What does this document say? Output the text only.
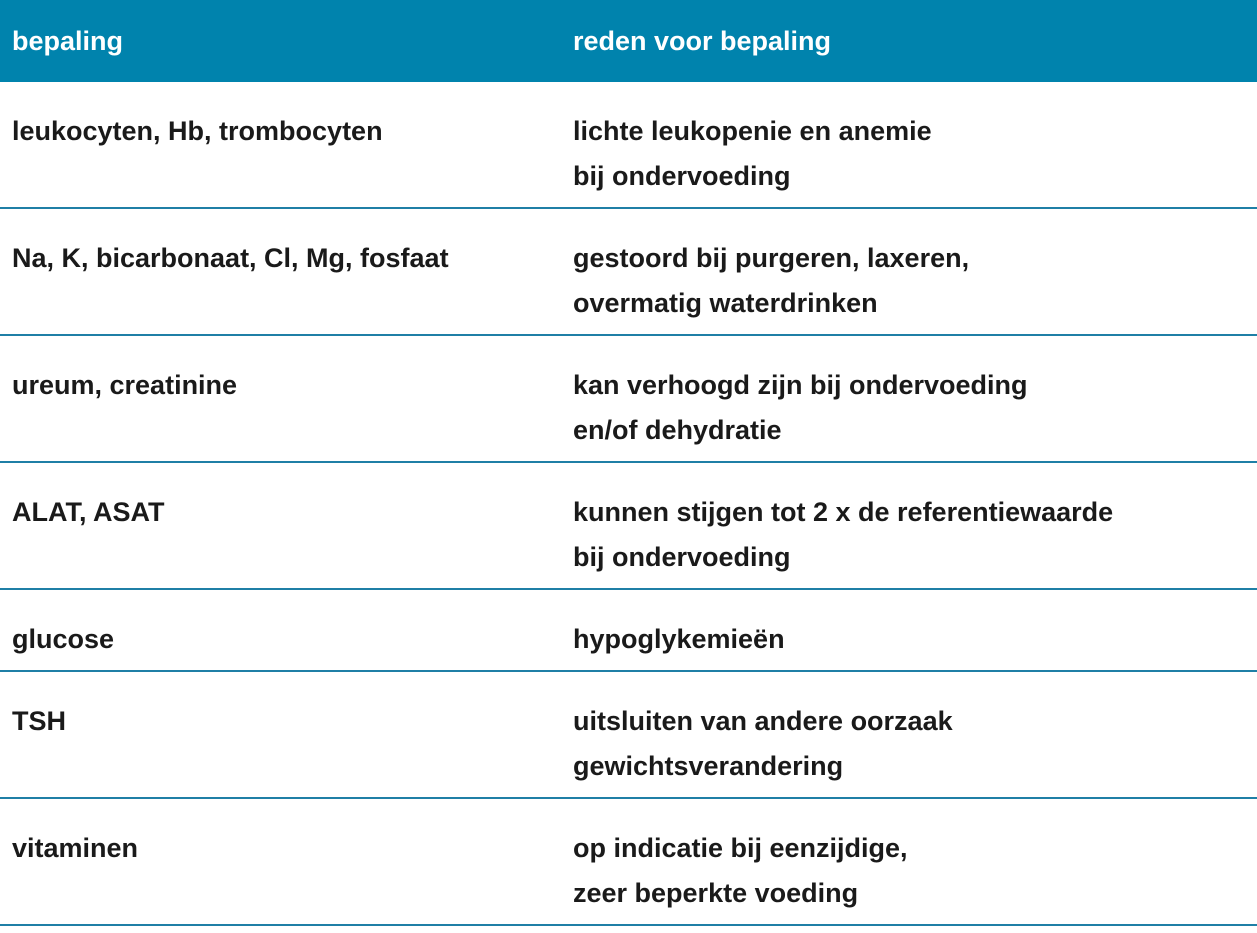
bepaling	reden voor bepaling
leukocyten, Hb, trombocyten	lichte leukopenie en anemie
bij ondervoeding
Na, K, bicarbonaat, Cl, Mg, fosfaat	gestoord bij purgeren, laxeren,
overmatig waterdrinken
ureum, creatinine	kan verhoogd zijn bij ondervoeding
en/of dehydratie
ALAT, ASAT	kunnen stijgen tot 2 x de referentiewaarde
bij ondervoeding
glucose	hypoglykemieën
TSH	uitsluiten van andere oorzaak
gewichtsverandering
vitaminen	op indicatie bij eenzijdige,
zeer beperkte voeding
